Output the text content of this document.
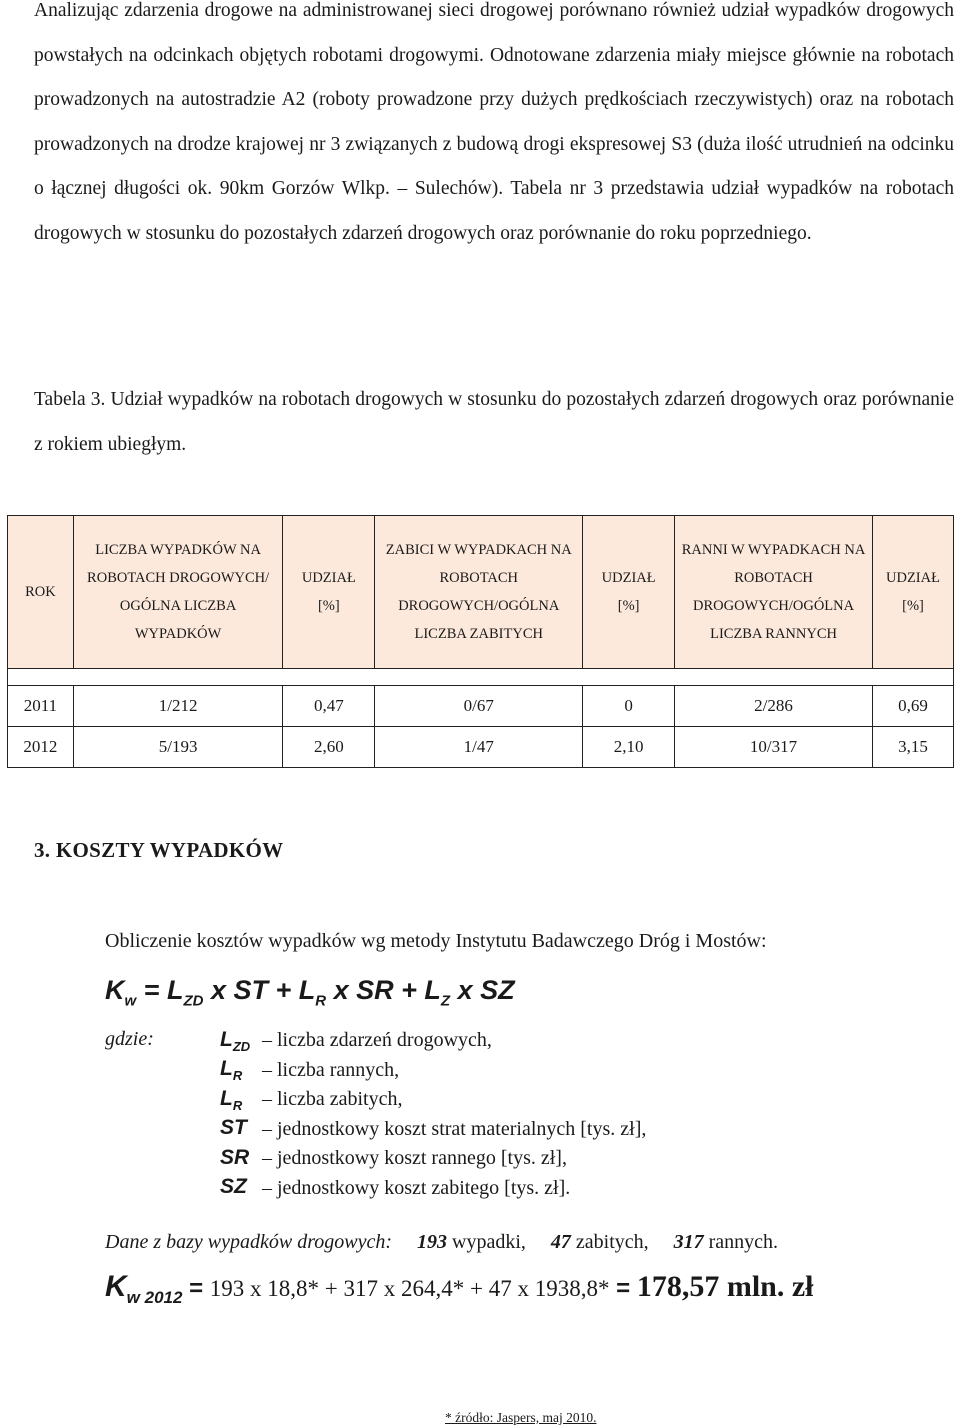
Analizując zdarzenia drogowe na administrowanej sieci drogowej porównano również udział wypadków drogowych powstałych na odcinkach objętych robotami drogowymi. Odnotowane zdarzenia miały miejsce głównie na robotach prowadzonych na autostradzie A2 (roboty prowadzone przy dużych prędkościach rzeczywistych) oraz na robotach prowadzonych na drodze krajowej nr 3 związanych z budową drogi ekspresowej S3 (duża ilość utrudnień na odcinku o łącznej długości ok. 90km Gorzów Wlkp. – Sulechów). Tabela nr 3 przedstawia udział wypadków na robotach drogowych w stosunku do pozostałych zdarzeń drogowych oraz porównanie do roku poprzedniego.

Tabela 3. Udział wypadków na robotach drogowych w stosunku do pozostałych zdarzeń drogowych oraz porównanie z rokiem ubiegłym.

ROK	LICZBA WYPADKÓW NA ROBOTACH DROGOWYCH/ OGÓLNA LICZBA WYPADKÓW	UDZIAŁ [%]	ZABICI W WYPADKACH NA ROBOTACH DROGOWYCH/OGÓLNA LICZBA ZABITYCH	UDZIAŁ [%]	RANNI W WYPADKACH NA ROBOTACH DROGOWYCH/OGÓLNA LICZBA RANNYCH	UDZIAŁ [%]

2011	1/212	0,47	0/67	0	2/286	0,69
2012	5/193	2,60	1/47	2,10	10/317	3,15
3. KOSZTY WYPADKÓW
Obliczenie kosztów wypadków wg metody Instytutu Badawczego Dróg i Mostów:
$K_w = L_{ZD}$ x ST + $L_R$ x SR + $L_Z$ x SZ
gdzie:	$L_{ZD}$ – liczba zdarzeń drogowych,
$L_R$ – liczba rannych,
$L_R$ – liczba zabitych,
ST – jednostkowy koszt strat materialnych [tys. zł],
SR – jednostkowy koszt rannego [tys. zł],
SZ – jednostkowy koszt zabitego [tys. zł].
Dane z bazy wypadków drogowych: 193 wypadki, 47 zabitych, 317 rannych.
$K_{w 2012} = 193$ x 18,8* + 317 x 264,4* + 47 x 1938,8* = 178,57 mln. zł
* źródło: Jaspers, maj 2010.
